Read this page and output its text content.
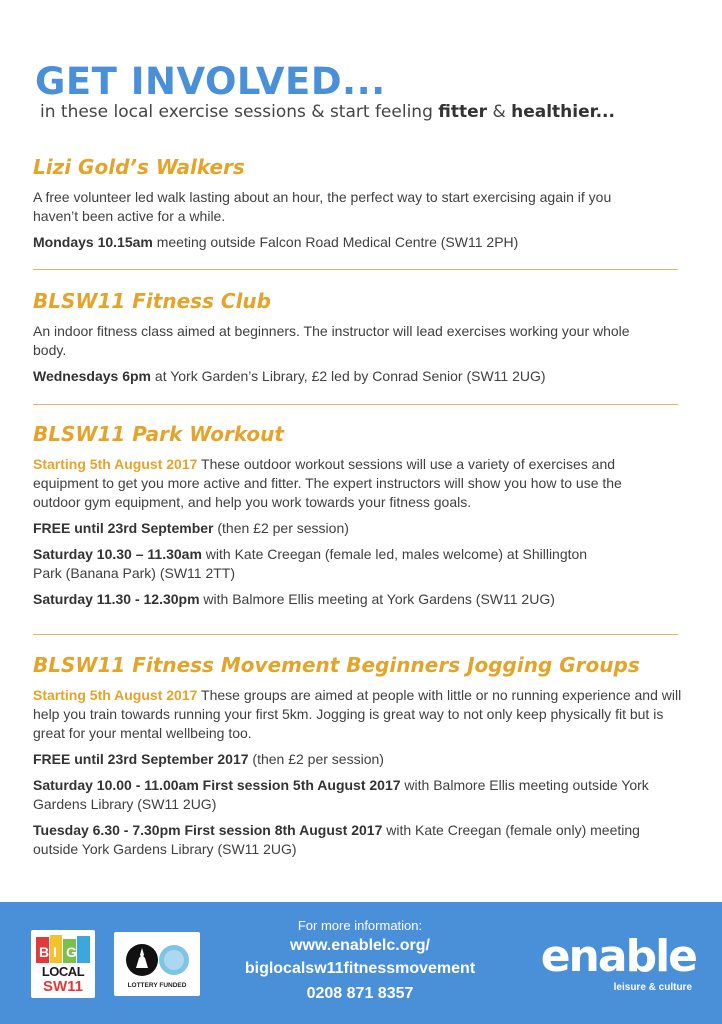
GET INVOLVED...

in these local exercise sessions & start feeling fitter & healthier...

Lizi Gold’s Walkers

A free volunteer led walk lasting about an hour, the perfect way to start exercising again if you haven’t been active for a while.

Mondays 10.15am meeting outside Falcon Road Medical Centre (SW11 2PH)

BLSW11 Fitness Club

An indoor fitness class aimed at beginners. The instructor will lead exercises working your whole body.

Wednesdays 6pm at York Garden’s Library, £2 led by Conrad Senior (SW11 2UG)

BLSW11 Park Workout

Starting 5th August 2017 These outdoor workout sessions will use a variety of exercises and equipment to get you more active and fitter. The expert instructors will show you how to use the outdoor gym equipment, and help you work towards your fitness goals.

FREE until 23rd September (then £2 per session)

Saturday 10.30 – 11.30am with Kate Creegan (female led, males welcome) at Shillington Park (Banana Park) (SW11 2TT)

Saturday 11.30 - 12.30pm with Balmore Ellis meeting at York Gardens (SW11 2UG)

BLSW11 Fitness Movement Beginners Jogging Groups

Starting 5th August 2017 These groups are aimed at people with little or no running experience and will help you train towards running your first 5km. Jogging is great way to not only keep physically fit but is great for your mental wellbeing too.

FREE until 23rd September 2017 (then £2 per session)

Saturday 10.00 - 11.00am First session 5th August 2017 with Balmore Ellis meeting outside York Gardens Library (SW11 2UG)

Tuesday 6.30 - 7.30pm First session 8th August 2017 with Kate Creegan (female only) meeting outside York Gardens Library (SW11 2UG)

B I G
LOCAL
SW11	LOTTERY FUNDED
For more information:
www.enablelc.org/
biglocalsw11fitnessmovement
0208 871 8357
enable
leisure & culture
